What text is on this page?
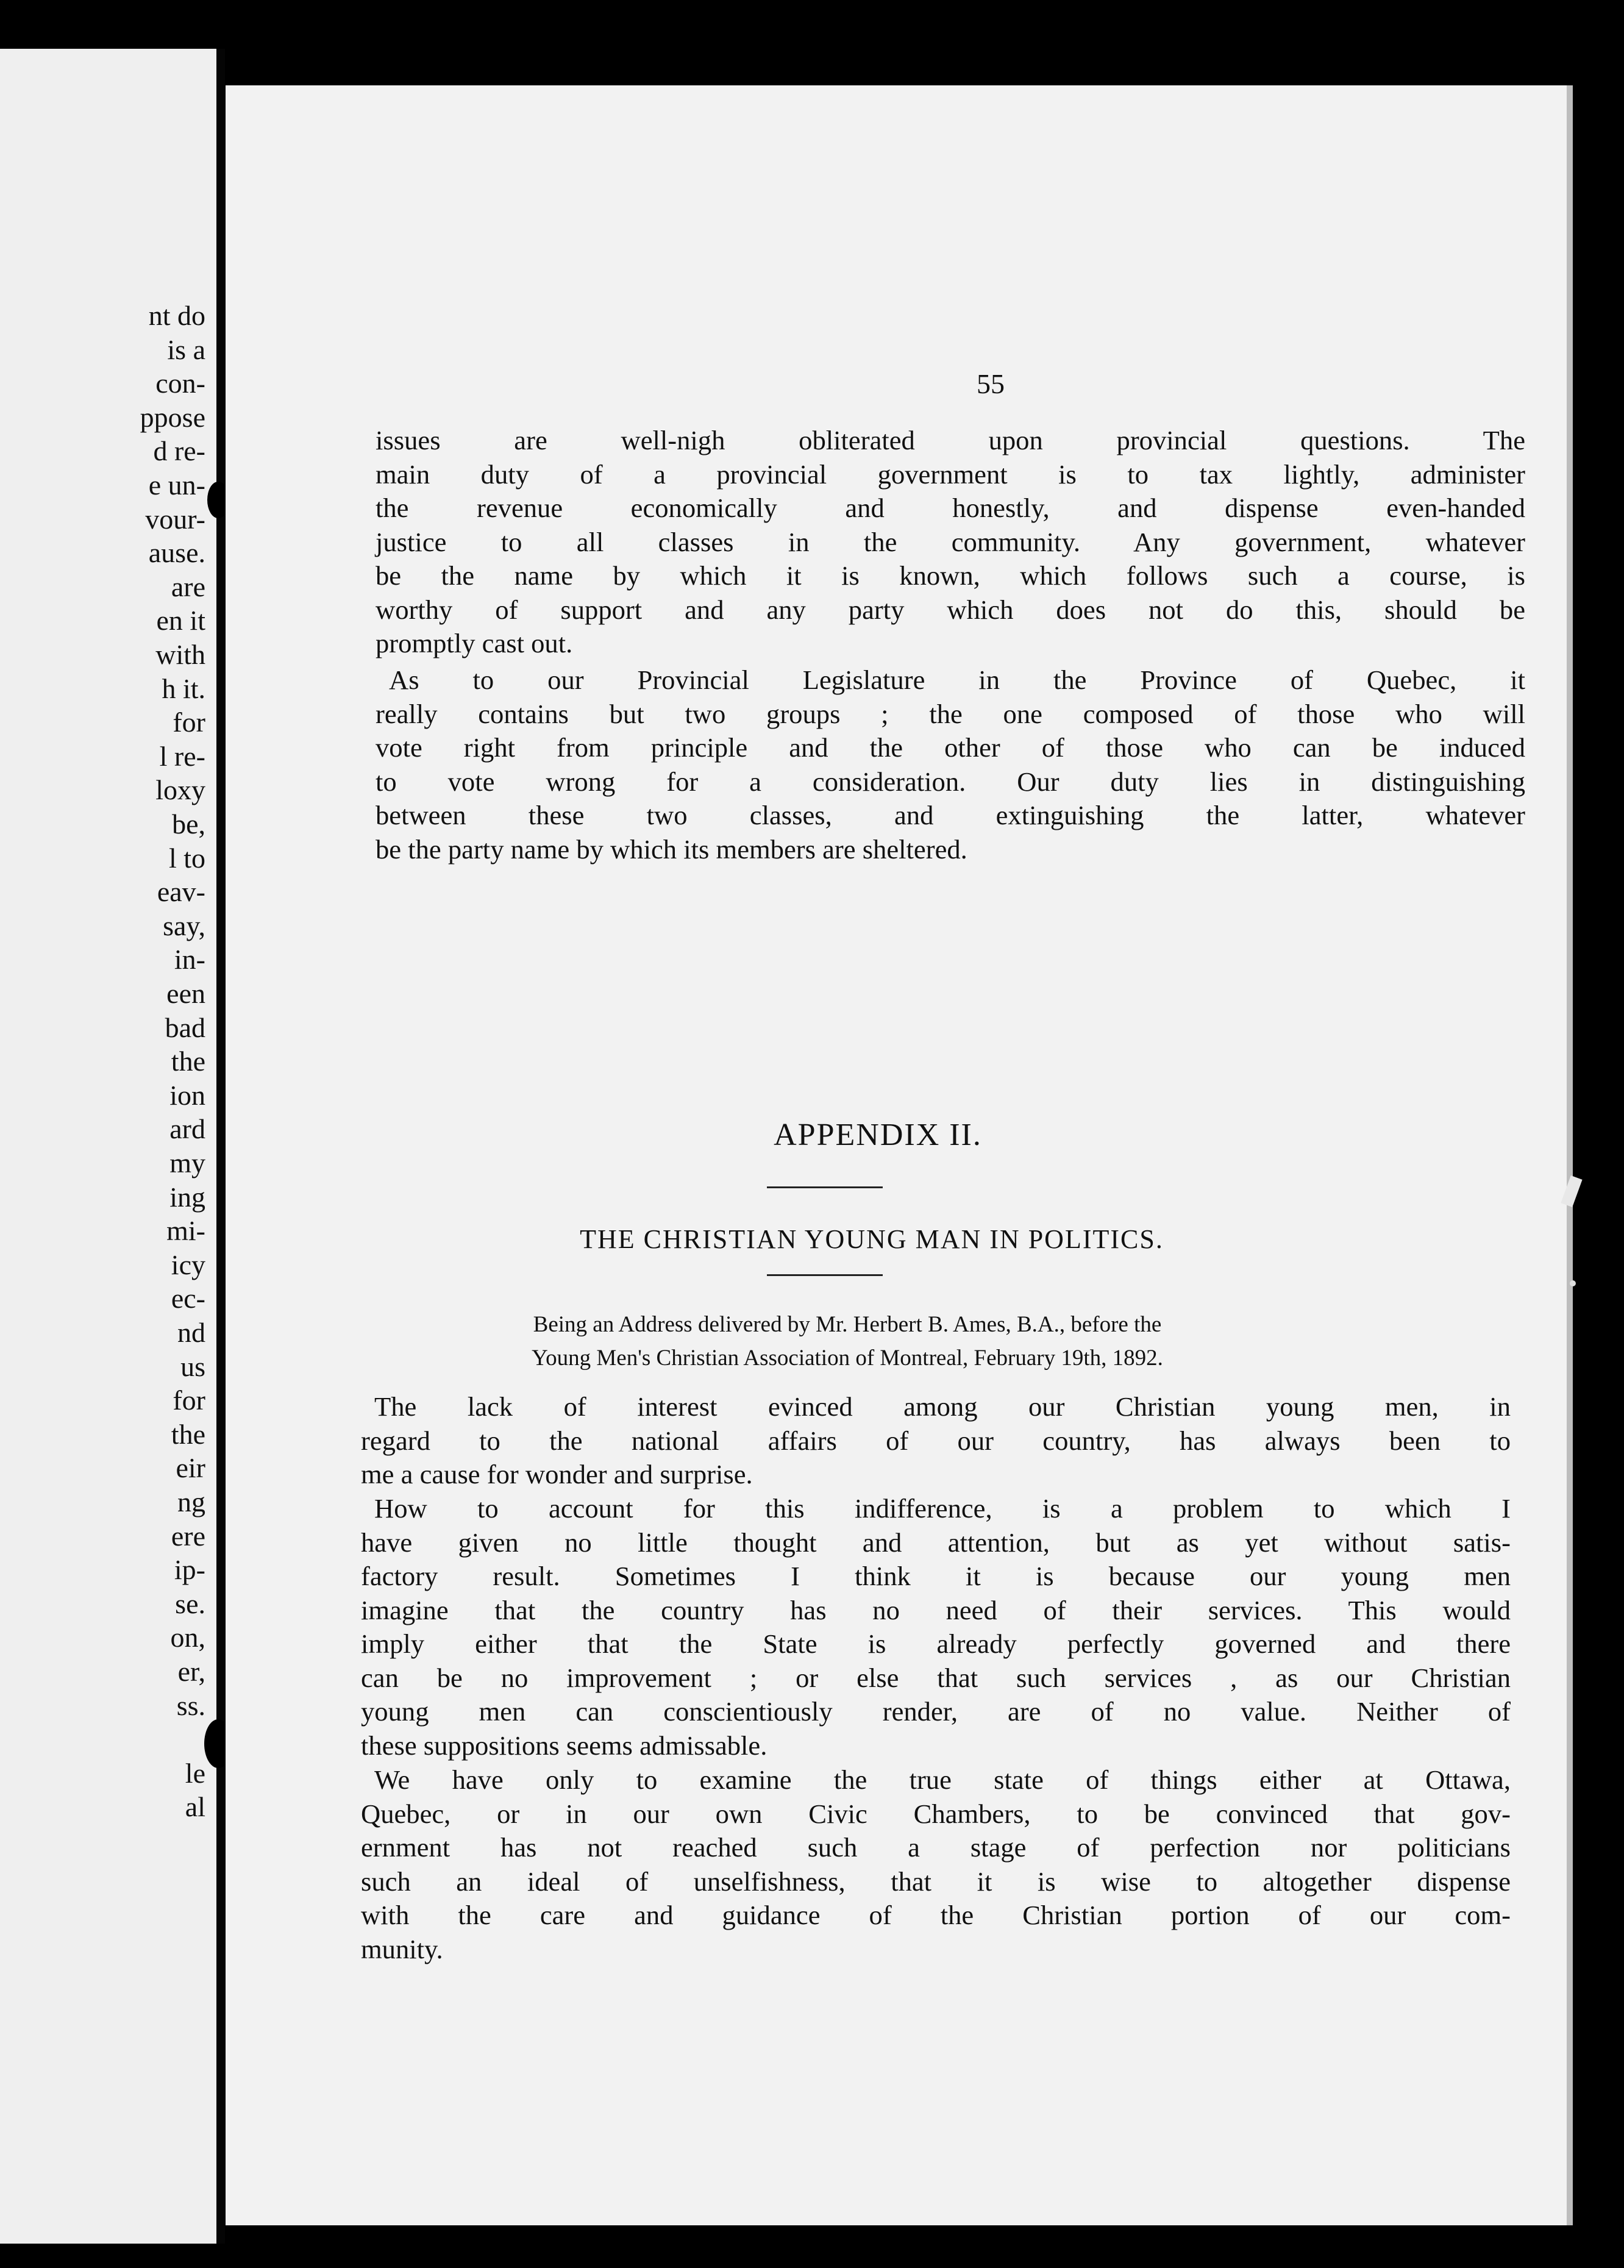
nt do

is a

con-

ppose

d re-

e un-

vour-

ause.

are

en it

with

h it.

for

l re-

loxy

be,

l to

eav-

say,

in-

een

bad

the

ion

ard

my

ing

mi-

icy

ec-

nd

us

for

the

eir

ng

ere

ip-

se.

on,

er,

ss.

le

al

55

issues are well-nigh obliterated upon provincial questions. The
main duty of a provincial government is to tax lightly, administer
the revenue economically and honestly, and dispense even-handed
justice to all classes in the community. Any government, whatever
be the name by which it is known, which follows such a course, is
worthy of support and any party which does not do this, should be
promptly cast out.
As to our Provincial Legislature in the Province of Quebec, it
really contains but two groups ; the one composed of those who will
vote right from principle and the other of those who can be induced
to vote wrong for a consideration. Our duty lies in distinguishing
between these two classes, and extinguishing the latter, whatever
be the party name by which its members are sheltered.

APPENDIX II.

THE CHRISTIAN YOUNG MAN IN POLITICS.

Being an Address delivered by Mr. Herbert B. Ames, B.A., before the
Young Men's Christian Association of Montreal, February 19th, 1892.
The lack of interest evinced among our Christian young men, in
regard to the national affairs of our country, has always been to
me a cause for wonder and surprise.
How to account for this indifference, is a problem to which I
have given no little thought and attention, but as yet without satis-
factory result. Sometimes I think it is because our young men
imagine that the country has no need of their services. This would
imply either that the State is already perfectly governed and there
can be no improvement ; or else that such services , as our Christian
young men can conscientiously render, are of no value. Neither of
these suppositions seems admissable.
We have only to examine the true state of things either at Ottawa,
Quebec, or in our own Civic Chambers, to be convinced that gov-
ernment has not reached such a stage of perfection nor politicians
such an ideal of unselfishness, that it is wise to altogether dispense
with the care and guidance of the Christian portion of our com-
munity.
